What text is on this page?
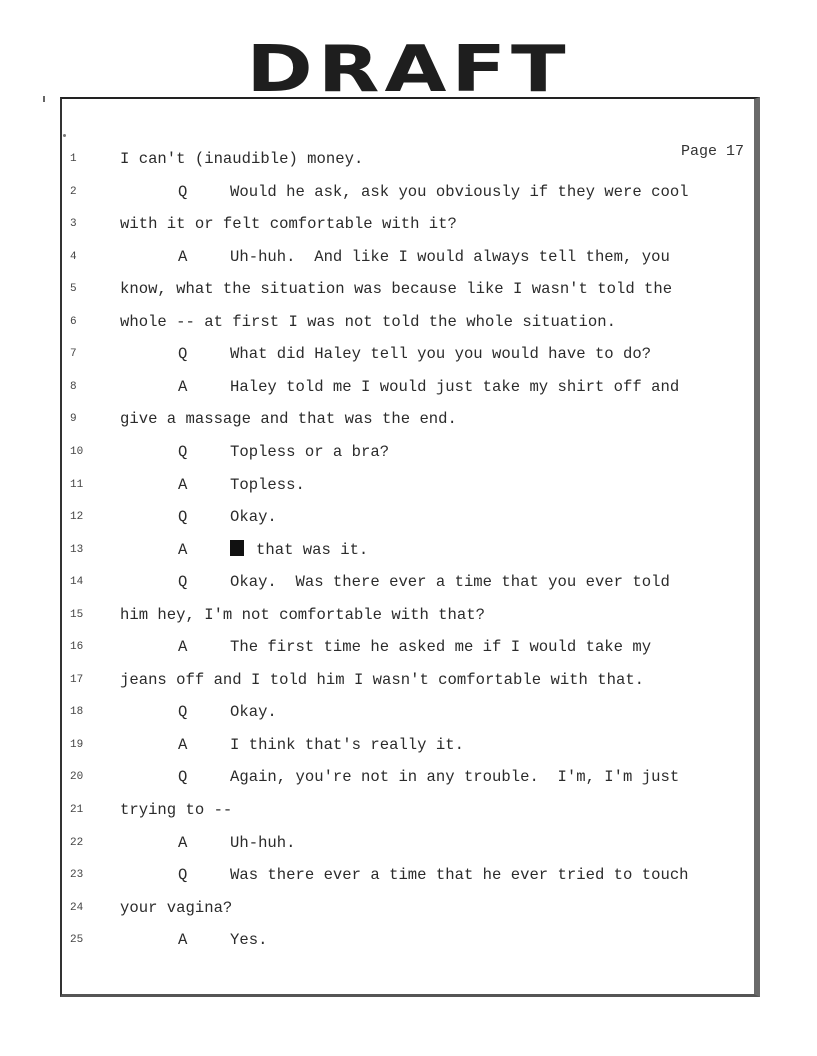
DRAFT
Page 17
1	I can't (inaudible) money.
2	Q	Would he ask, ask you obviously if they were cool
3	with it or felt comfortable with it?
4	A	Uh-huh.  And like I would always tell them, you
5	know, what the situation was because like I wasn't told the
6	whole -- at first I was not told the whole situation.
7	Q	What did Haley tell you you would have to do?
8	A	Haley told me I would just take my shirt off and
9	give a massage and that was the end.
10	Q	Topless or a bra?
11	A	Topless.
12	Q	Okay.
13	A	that was it.
14	Q	Okay.  Was there ever a time that you ever told
15	him hey, I'm not comfortable with that?
16	A	The first time he asked me if I would take my
17	jeans off and I told him I wasn't comfortable with that.
18	Q	Okay.
19	A	I think that's really it.
20	Q	Again, you're not in any trouble.  I'm, I'm just
21	trying to --
22	A	Uh-huh.
23	Q	Was there ever a time that he ever tried to touch
24	your vagina?
25	A	Yes.
